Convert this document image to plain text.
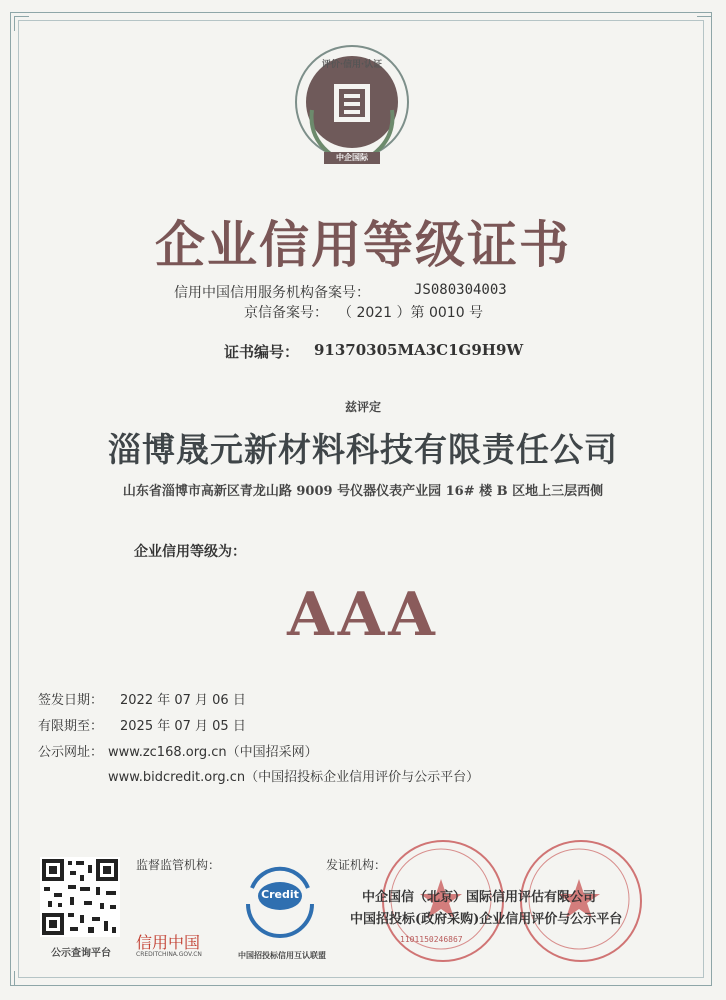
评价·信用·认证
中企国际
企业信用等级证书
信用中国信用服务机构备案号：	JS080304003
京信备案号： （ 2021 ）第 0010 号
证书编号： 91370305MA3C1G9H9W
兹评定
淄博晟元新材料科技有限责任公司
山东省淄博市高新区青龙山路 9009 号仪器仪表产业园 16# 楼 B 区地上三层西侧
企业信用等级为：
AAA
签发日期： 2022 年 07 月 06 日
有限期至： 2025 年 07 月 05 日
公示网址： www.zc168.org.cn（中国招采网）
www.bidcredit.org.cn（中国招投标企业信用评价与公示平台）
公示查询平台
监督监管机构：
信用中国
CREDITCHINA.GOV.CN
Credit
中国招投标信用互认联盟
发证机构：
中企国信（北京）国际信用评估有限公司
中国招投标(政府采购)企业信用评价与公示平台
1101150246867
